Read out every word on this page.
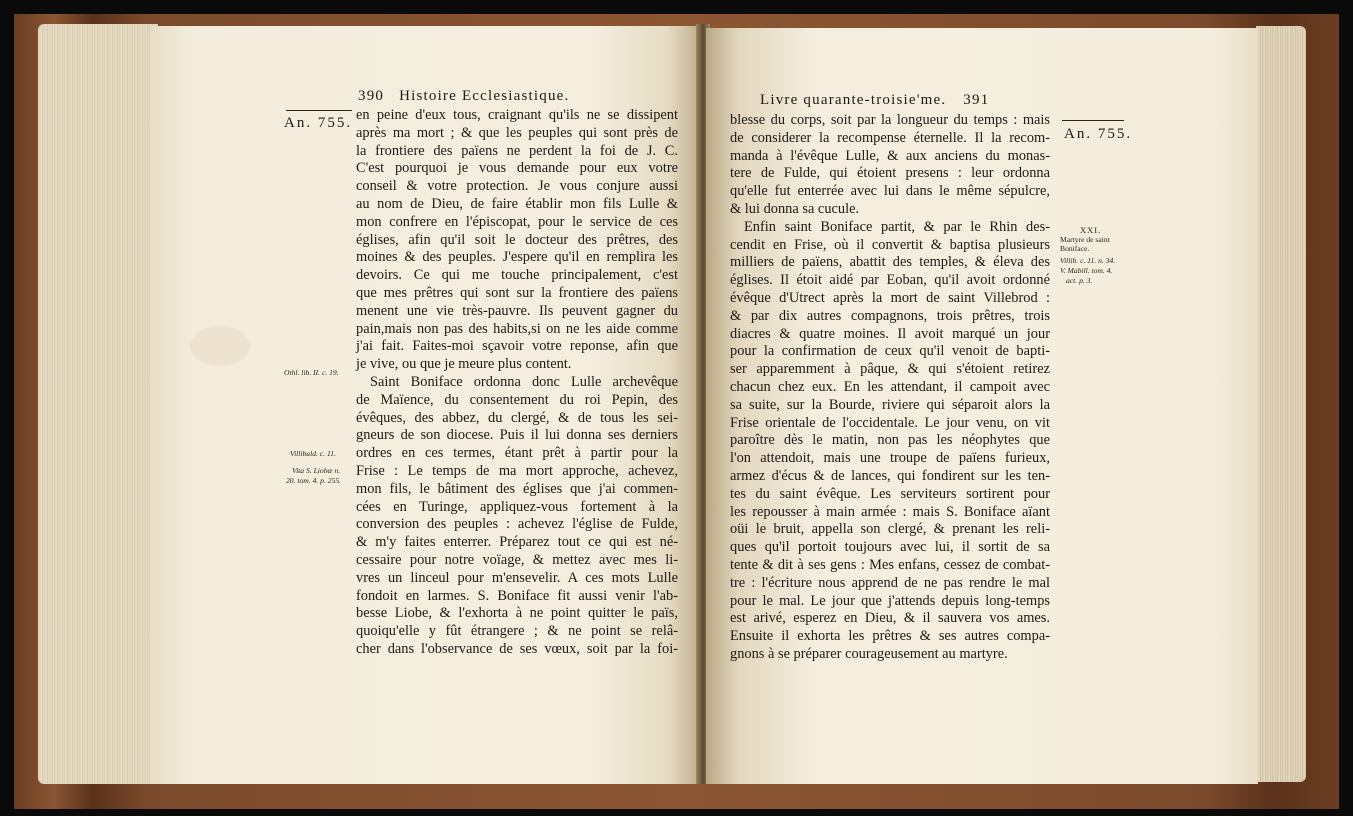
390 Histoire Ecclesiastique.
An. 755.
Othl. lib. II. c. 19.
Villibald. c. 11.
Vita S. Liobæ n.
20. tom. 4. p. 255.
en peine d'eux tous, craignant qu'ils ne se dissipent
après ma mort ; & que les peuples qui sont près de
la frontiere des païens ne perdent la foi de J. C.
C'est pourquoi je vous demande pour eux votre
conseil & votre protection. Je vous conjure aussi
au nom de Dieu, de faire établir mon fils Lulle &
mon confrere en l'épiscopat, pour le service de ces
églises, afin qu'il soit le docteur des prêtres, des
moines & des peuples. J'espere qu'il en remplira les
devoirs. Ce qui me touche principalement, c'est
que mes prêtres qui sont sur la frontiere des païens
menent une vie très-pauvre. Ils peuvent gagner du
pain,mais non pas des habits,si on ne les aide comme
j'ai fait. Faites-moi sçavoir votre reponse, afin que
je vive, ou que je meure plus content.
Saint Boniface ordonna donc Lulle archevêque
de Maïence, du consentement du roi Pepin, des
évêques, des abbez, du clergé, & de tous les sei-
gneurs de son diocese. Puis il lui donna ses derniers
ordres en ces termes, étant prêt à partir pour la
Frise : Le temps de ma mort approche, achevez,
mon fils, le bâtiment des églises que j'ai commen-
cées en Turinge, appliquez-vous fortement à la
conversion des peuples : achevez l'église de Fulde,
& m'y faites enterrer. Préparez tout ce qui est né-
cessaire pour notre voïage, & mettez avec mes li-
vres un linceul pour m'ensevelir. A ces mots Lulle
fondoit en larmes. S. Boniface fit aussi venir l'ab-
besse Liobe, & l'exhorta à ne point quitter le païs,
quoiqu'elle y fût étrangere ; & ne point se relâ-
cher dans l'observance de ses vœux, soit par la foi-
Livre quarante-troisie'me. 391
An. 755.
XXI.
Martyre de saint
Boniface.
Villib. c. 11. n. 34.
V. Mabill. tom. 4.
act. p. 3.
blesse du corps, soit par la longueur du temps : mais
de considerer la recompense éternelle. Il la recom-
manda à l'évêque Lulle, & aux anciens du monas-
tere de Fulde, qui étoient presens : leur ordonna
qu'elle fut enterrée avec lui dans le même sépulcre,
& lui donna sa cucule.
Enfin saint Boniface partit, & par le Rhin des-
cendit en Frise, où il convertit & baptisa plusieurs
milliers de païens, abattit des temples, & éleva des
églises. Il étoit aidé par Eoban, qu'il avoit ordonné
évêque d'Utrect après la mort de saint Villebrod :
& par dix autres compagnons, trois prêtres, trois
diacres & quatre moines. Il avoit marqué un jour
pour la confirmation de ceux qu'il venoit de bapti-
ser apparemment à pâque, & qui s'étoient retirez
chacun chez eux. En les attendant, il campoit avec
sa suite, sur la Bourde, riviere qui séparoit alors la
Frise orientale de l'occidentale. Le jour venu, on vit
paroître dès le matin, non pas les néophytes que
l'on attendoit, mais une troupe de païens furieux,
armez d'écus & de lances, qui fondirent sur les ten-
tes du saint évêque. Les serviteurs sortirent pour
les repousser à main armée : mais S. Boniface aïant
oüi le bruit, appella son clergé, & prenant les reli-
ques qu'il portoit toujours avec lui, il sortit de sa
tente & dit à ses gens : Mes enfans, cessez de combat-
tre : l'écriture nous apprend de ne pas rendre le mal
pour le mal. Le jour que j'attends depuis long-temps
est arivé, esperez en Dieu, & il sauvera vos ames.
Ensuite il exhorta les prêtres & ses autres compa-
gnons à se préparer courageusement au martyre.
